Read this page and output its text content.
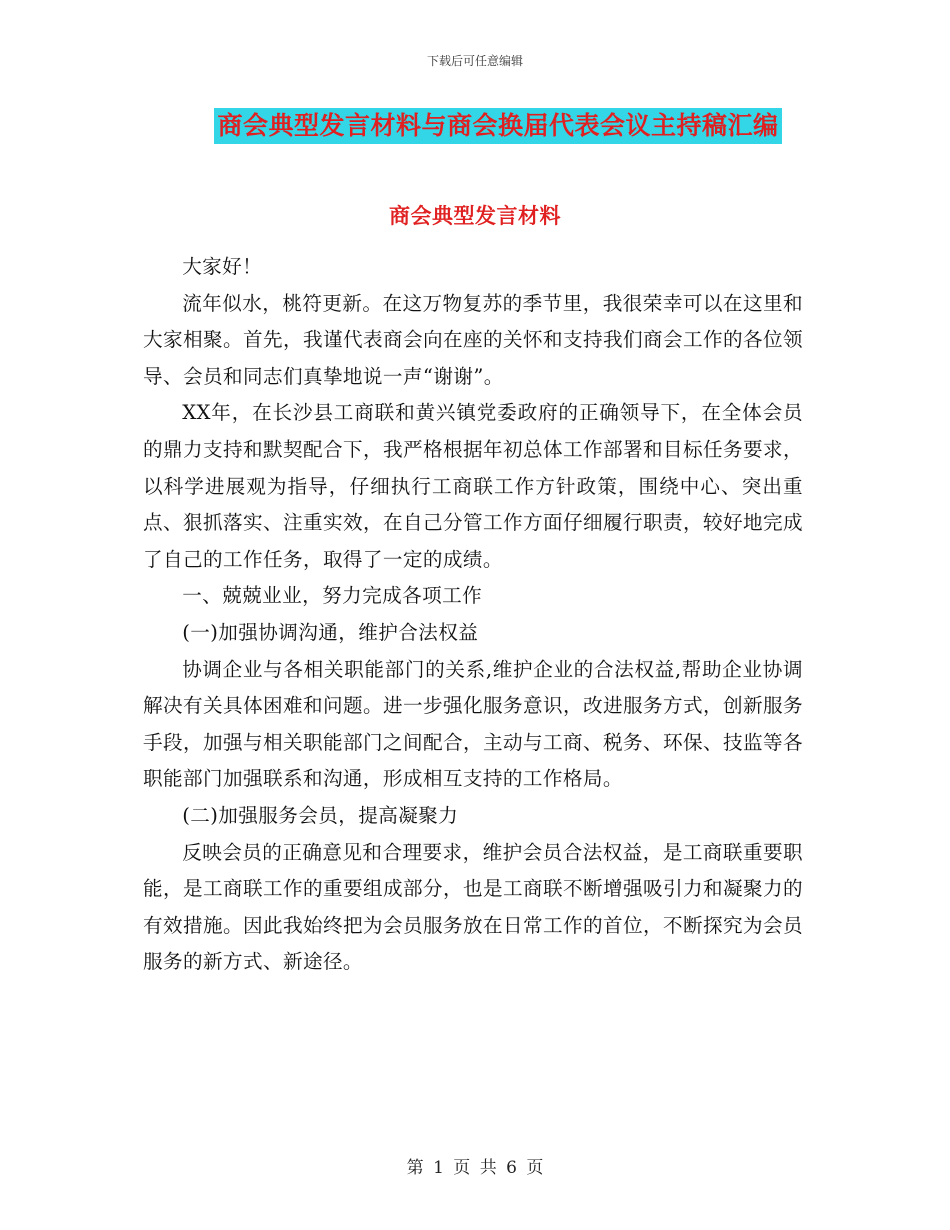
下载后可任意编辑
商会典型发言材料与商会换届代表会议主持稿汇编
商会典型发言材料

大家好！

流年似水，桃符更新。在这万物复苏的季节里，我很荣幸可以在这里和大家相聚。首先，我谨代表商会向在座的关怀和支持我们商会工作的各位领导、会员和同志们真挚地说一声“谢谢”。

XX年，在长沙县工商联和黄兴镇党委政府的正确领导下，在全体会员的鼎力支持和默契配合下，我严格根据年初总体工作部署和目标任务要求，以科学进展观为指导，仔细执行工商联工作方针政策，围绕中心、突出重点、狠抓落实、注重实效，在自己分管工作方面仔细履行职责，较好地完成了自己的工作任务，取得了一定的成绩。

一、兢兢业业，努力完成各项工作

(一)加强协调沟通，维护合法权益

协调企业与各相关职能部门的关系,维护企业的合法权益,帮助企业协调解决有关具体困难和问题。进一步强化服务意识，改进服务方式，创新服务手段，加强与相关职能部门之间配合，主动与工商、税务、环保、技监等各职能部门加强联系和沟通，形成相互支持的工作格局。

(二)加强服务会员，提高凝聚力

反映会员的正确意见和合理要求，维护会员合法权益，是工商联重要职能，是工商联工作的重要组成部分，也是工商联不断增强吸引力和凝聚力的有效措施。因此我始终把为会员服务放在日常工作的首位，不断探究为会员服务的新方式、新途径。

第 1 页 共 6 页
